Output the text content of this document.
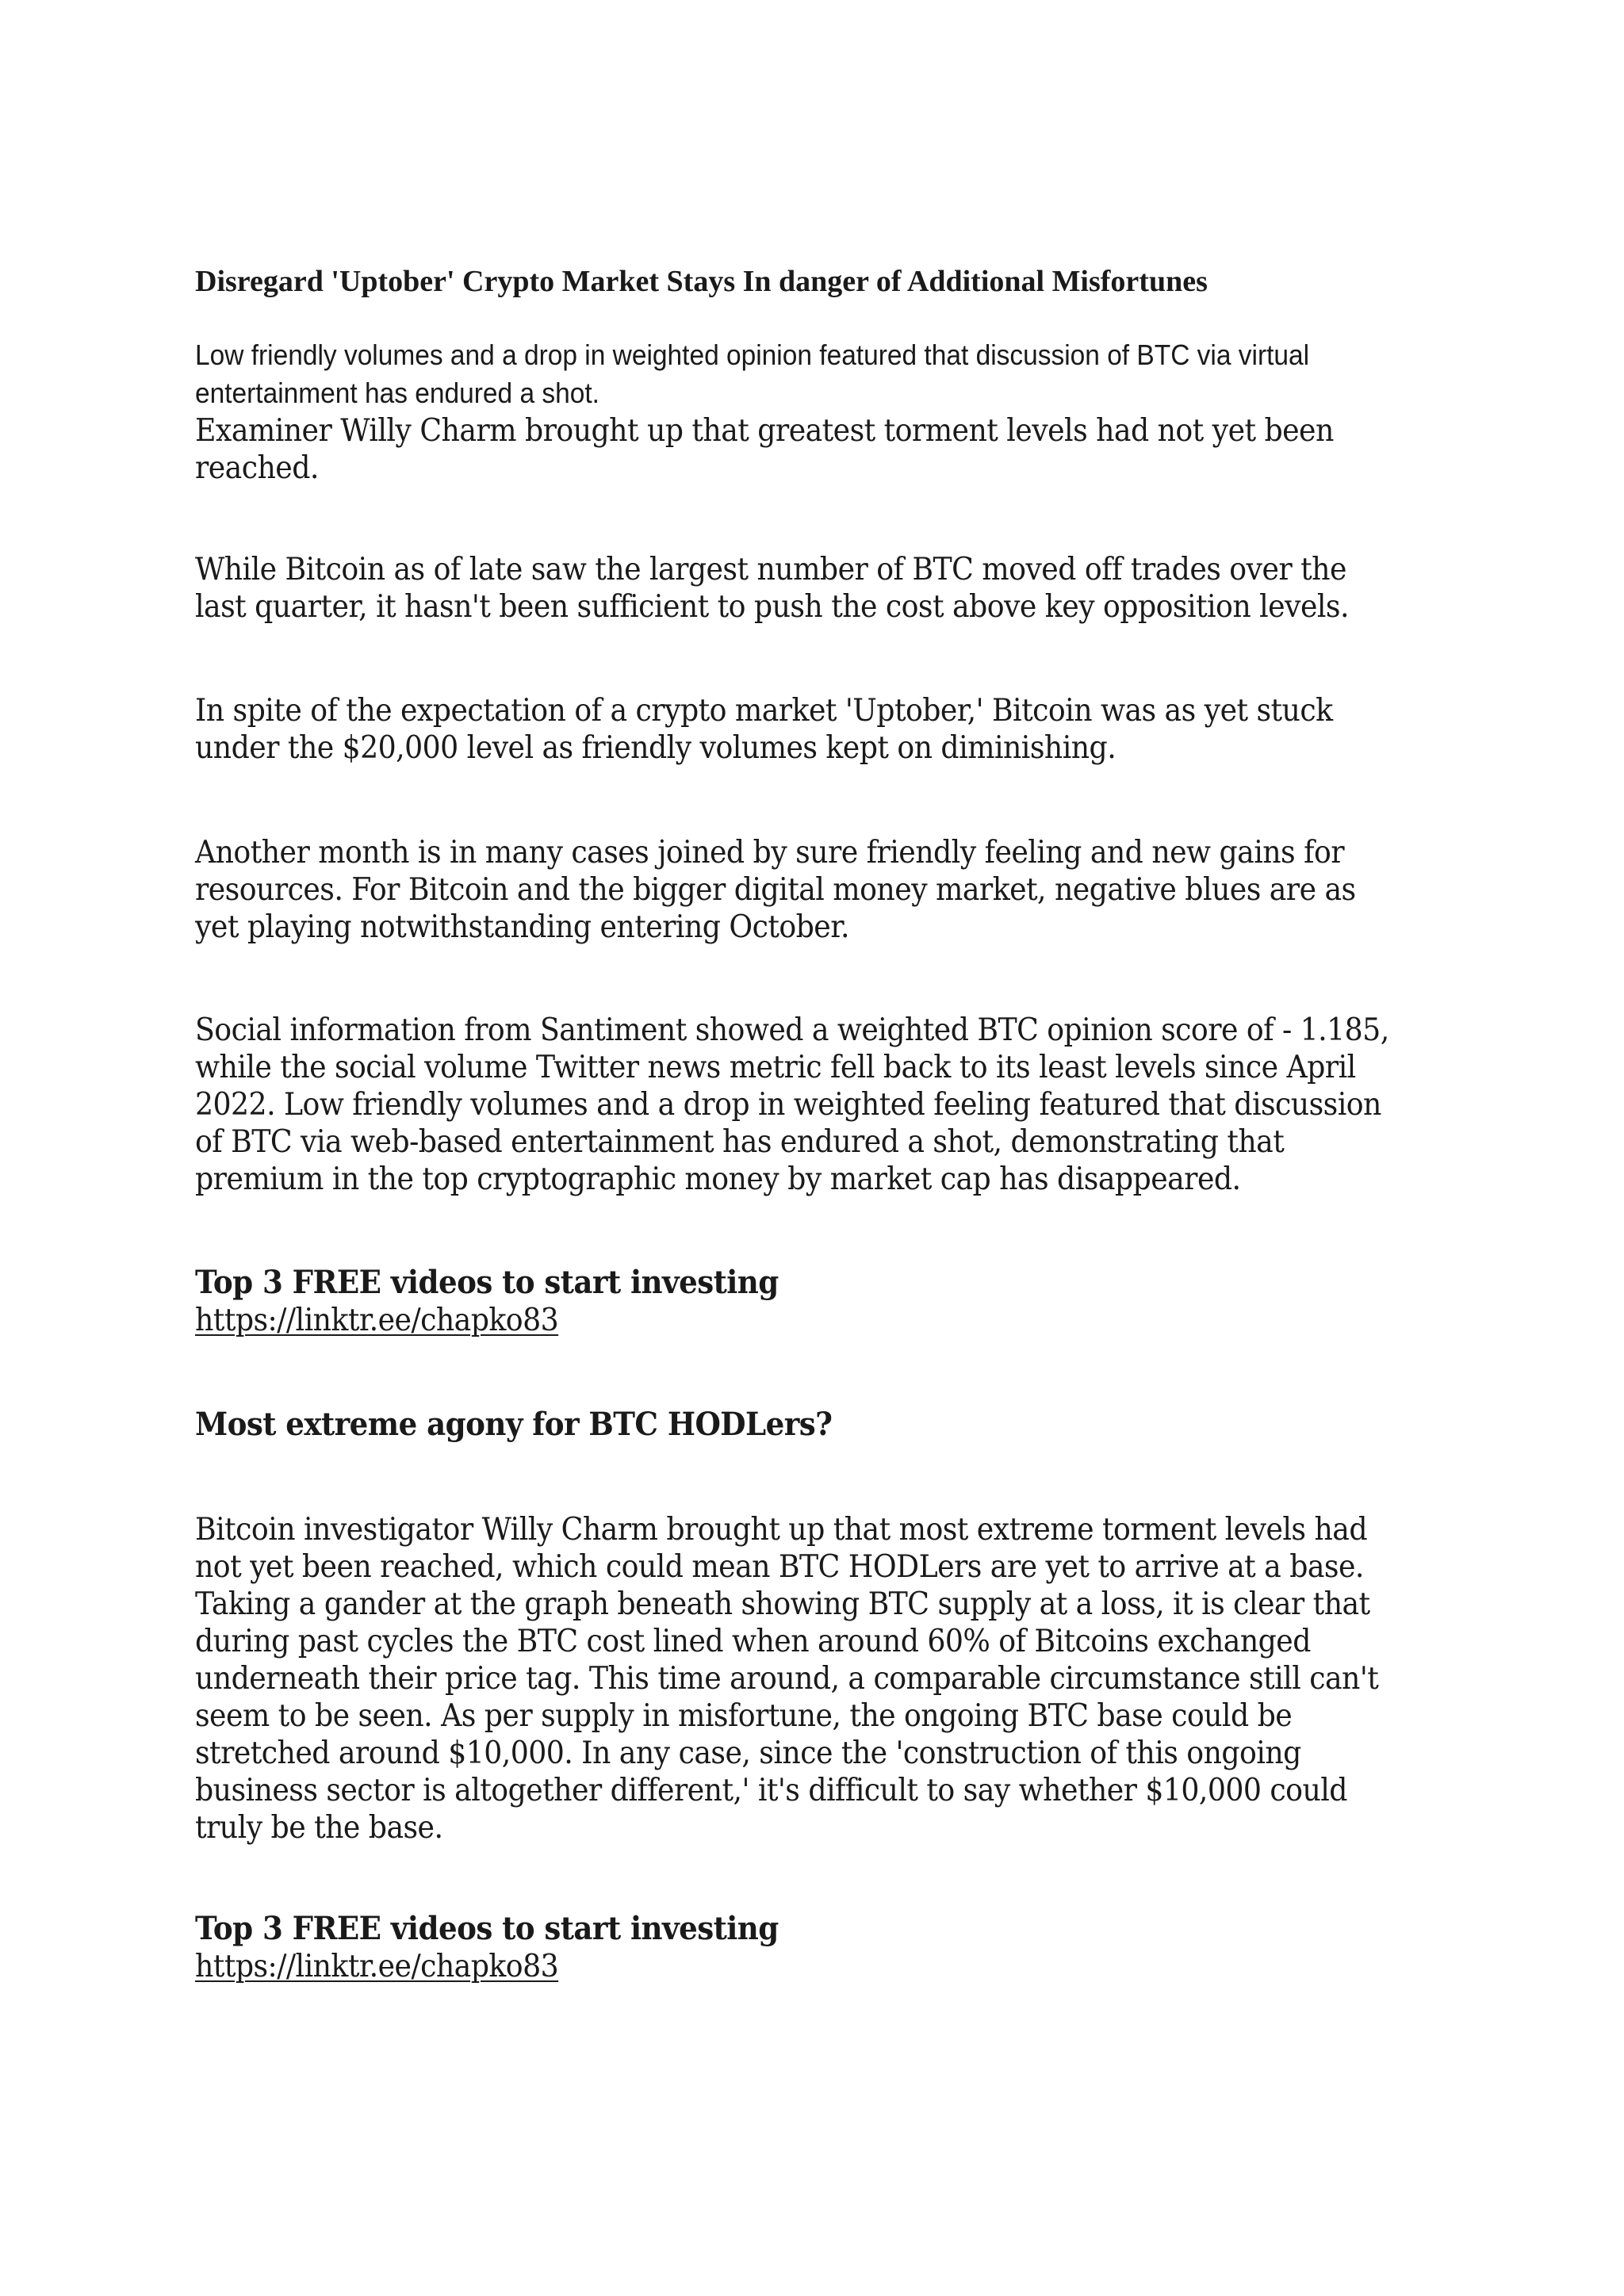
Disregard 'Uptober' Crypto Market Stays In danger of Additional Misfortunes
Low friendly volumes and a drop in weighted opinion featured that discussion of BTC via virtual entertainment has endured a shot.
Examiner Willy Charm brought up that greatest torment levels had not yet been reached.
While Bitcoin as of late saw the largest number of BTC moved off trades over the last quarter, it hasn't been sufficient to push the cost above key opposition levels.
In spite of the expectation of a crypto market 'Uptober,' Bitcoin was as yet stuck under the $20,000 level as friendly volumes kept on diminishing.
Another month is in many cases joined by sure friendly feeling and new gains for resources. For Bitcoin and the bigger digital money market, negative blues are as yet playing notwithstanding entering October.
Social information from Santiment showed a weighted BTC opinion score of - 1.185, while the social volume Twitter news metric fell back to its least levels since April 2022. Low friendly volumes and a drop in weighted feeling featured that discussion of BTC via web-based entertainment has endured a shot, demonstrating that premium in the top cryptographic money by market cap has disappeared.
Top 3 FREE videos to start investing
https://linktr.ee/chapko83
Most extreme agony for BTC HODLers?
Bitcoin investigator Willy Charm brought up that most extreme torment levels had not yet been reached, which could mean BTC HODLers are yet to arrive at a base. Taking a gander at the graph beneath showing BTC supply at a loss, it is clear that during past cycles the BTC cost lined when around 60% of Bitcoins exchanged underneath their price tag. This time around, a comparable circumstance still can't seem to be seen. As per supply in misfortune, the ongoing BTC base could be stretched around $10,000. In any case, since the 'construction of this ongoing business sector is altogether different,' it's difficult to say whether $10,000 could truly be the base.
Top 3 FREE videos to start investing
https://linktr.ee/chapko83
